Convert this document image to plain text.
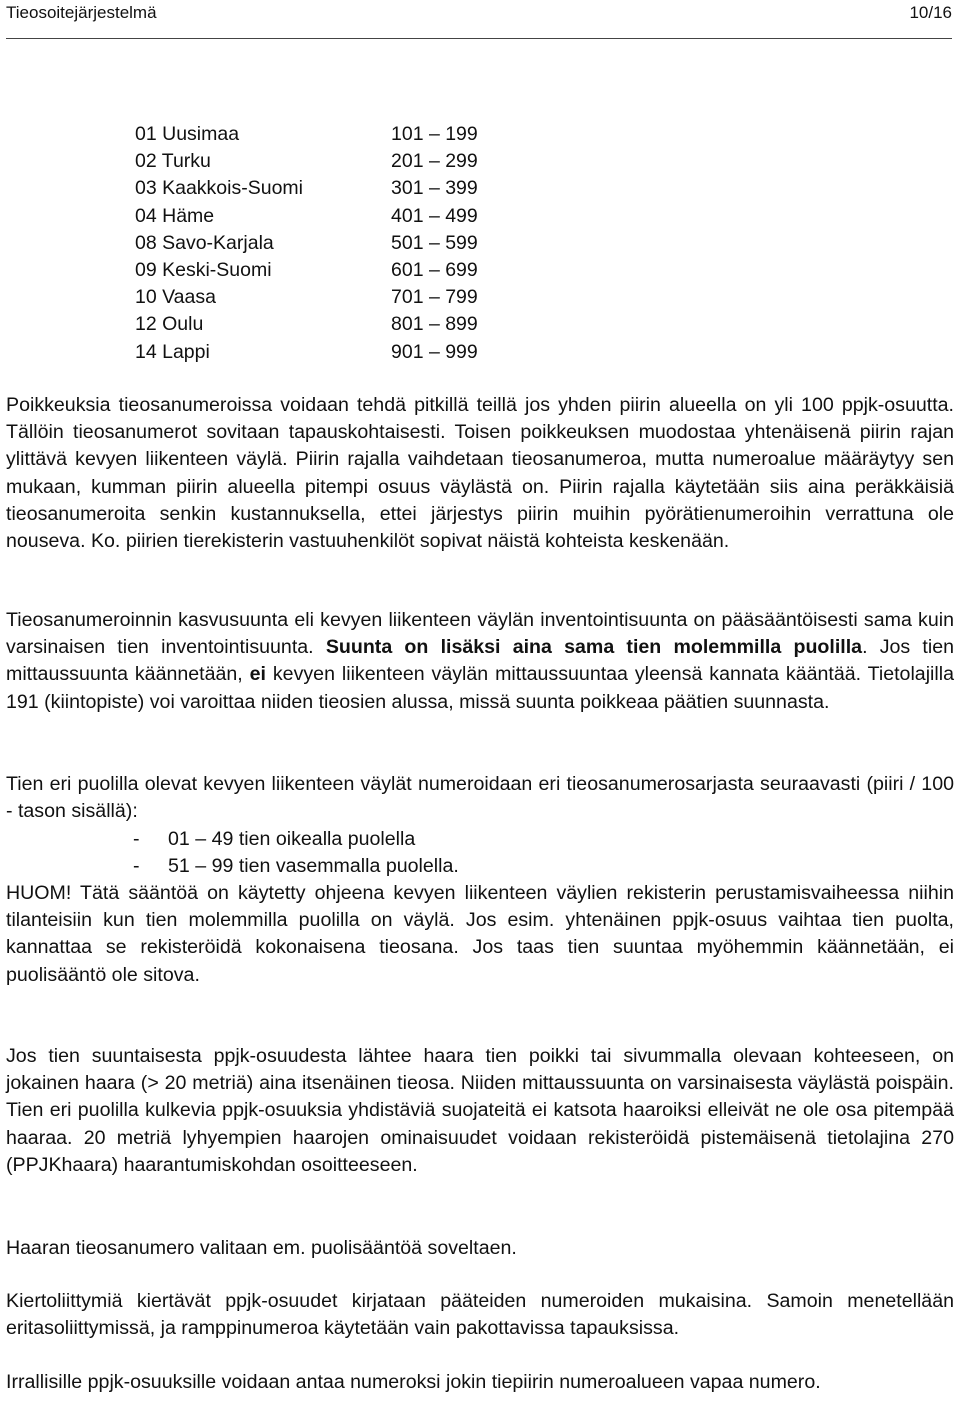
Tieosoitejärjestelmä	10/16
01 Uusimaa	101 – 199
02 Turku	201 – 299
03 Kaakkois-Suomi	301 – 399
04 Häme	401 – 499
08 Savo-Karjala	501 – 599
09 Keski-Suomi	601 – 699
10 Vaasa	701 – 799
12 Oulu	801 – 899
14 Lappi	901 – 999

Poikkeuksia tieosanumeroissa voidaan tehdä pitkillä teillä jos yhden piirin alueella on yli 100 ppjk-osuutta. Tällöin tieosanumerot sovitaan tapauskohtaisesti. Toisen poikkeuksen muodostaa yhtenäisenä piirin rajan ylittävä kevyen liikenteen väylä. Piirin rajalla vaihdetaan tieosanumeroa, mutta numeroalue määräytyy sen mukaan, kumman piirin alueella pitempi osuus väylästä on. Piirin rajalla käytetään siis aina peräkkäisiä tieosanumeroita senkin kustannuksella, ettei järjestys piirin muihin pyörätienumeroihin verrattuna ole nouseva. Ko. piirien tierekisterin vastuuhenkilöt sopivat näistä kohteista keskenään.

Tieosanumeroinnin kasvusuunta eli kevyen liikenteen väylän inventointisuunta on pääsääntöisesti sama kuin varsinaisen tien inventointisuunta. Suunta on lisäksi aina sama tien molemmilla puolilla. Jos tien mittaussuunta käännetään, ei kevyen liikenteen väylän mittaussuuntaa yleensä kannata kääntää. Tietolajilla 191 (kiintopiste) voi varoittaa niiden tieosien alussa, missä suunta poikkeaa päätien suunnasta.

Tien eri puolilla olevat kevyen liikenteen väylät numeroidaan eri tieosanumerosarjasta seuraavasti (piiri / 100 - tason sisällä):

- 01 – 49 tien oikealla puolella
- 51 – 99 tien vasemmalla puolella.

HUOM! Tätä sääntöä on käytetty ohjeena kevyen liikenteen väylien rekisterin perustamisvaiheessa niihin tilanteisiin kun tien molemmilla puolilla on väylä. Jos esim. yhtenäinen ppjk-osuus vaihtaa tien puolta, kannattaa se rekisteröidä kokonaisena tieosana. Jos taas tien suuntaa myöhemmin käännetään, ei puolisääntö ole sitova.

Jos tien suuntaisesta ppjk-osuudesta lähtee haara tien poikki tai sivummalla olevaan kohteeseen, on jokainen haara (> 20 metriä) aina itsenäinen tieosa. Niiden mittaussuunta on varsinaisesta väylästä poispäin. Tien eri puolilla kulkevia ppjk-osuuksia yhdistäviä suojateitä ei katsota haaroiksi elleivät ne ole osa pitempää haaraa. 20 metriä lyhyempien haarojen ominaisuudet voidaan rekisteröidä pistemäisenä tietolajina 270 (PPJKhaara) haarantumiskohdan osoitteeseen.

Haaran tieosanumero valitaan em. puolisääntöä soveltaen.

Kiertoliittymiä kiertävät ppjk-osuudet kirjataan pääteiden numeroiden mukaisina. Samoin menetellään eritasoliittymissä, ja ramppinumeroa käytetään vain pakottavissa tapauksissa.

Irrallisille ppjk-osuuksille voidaan antaa numeroksi jokin tiepiirin numeroalueen vapaa numero.
